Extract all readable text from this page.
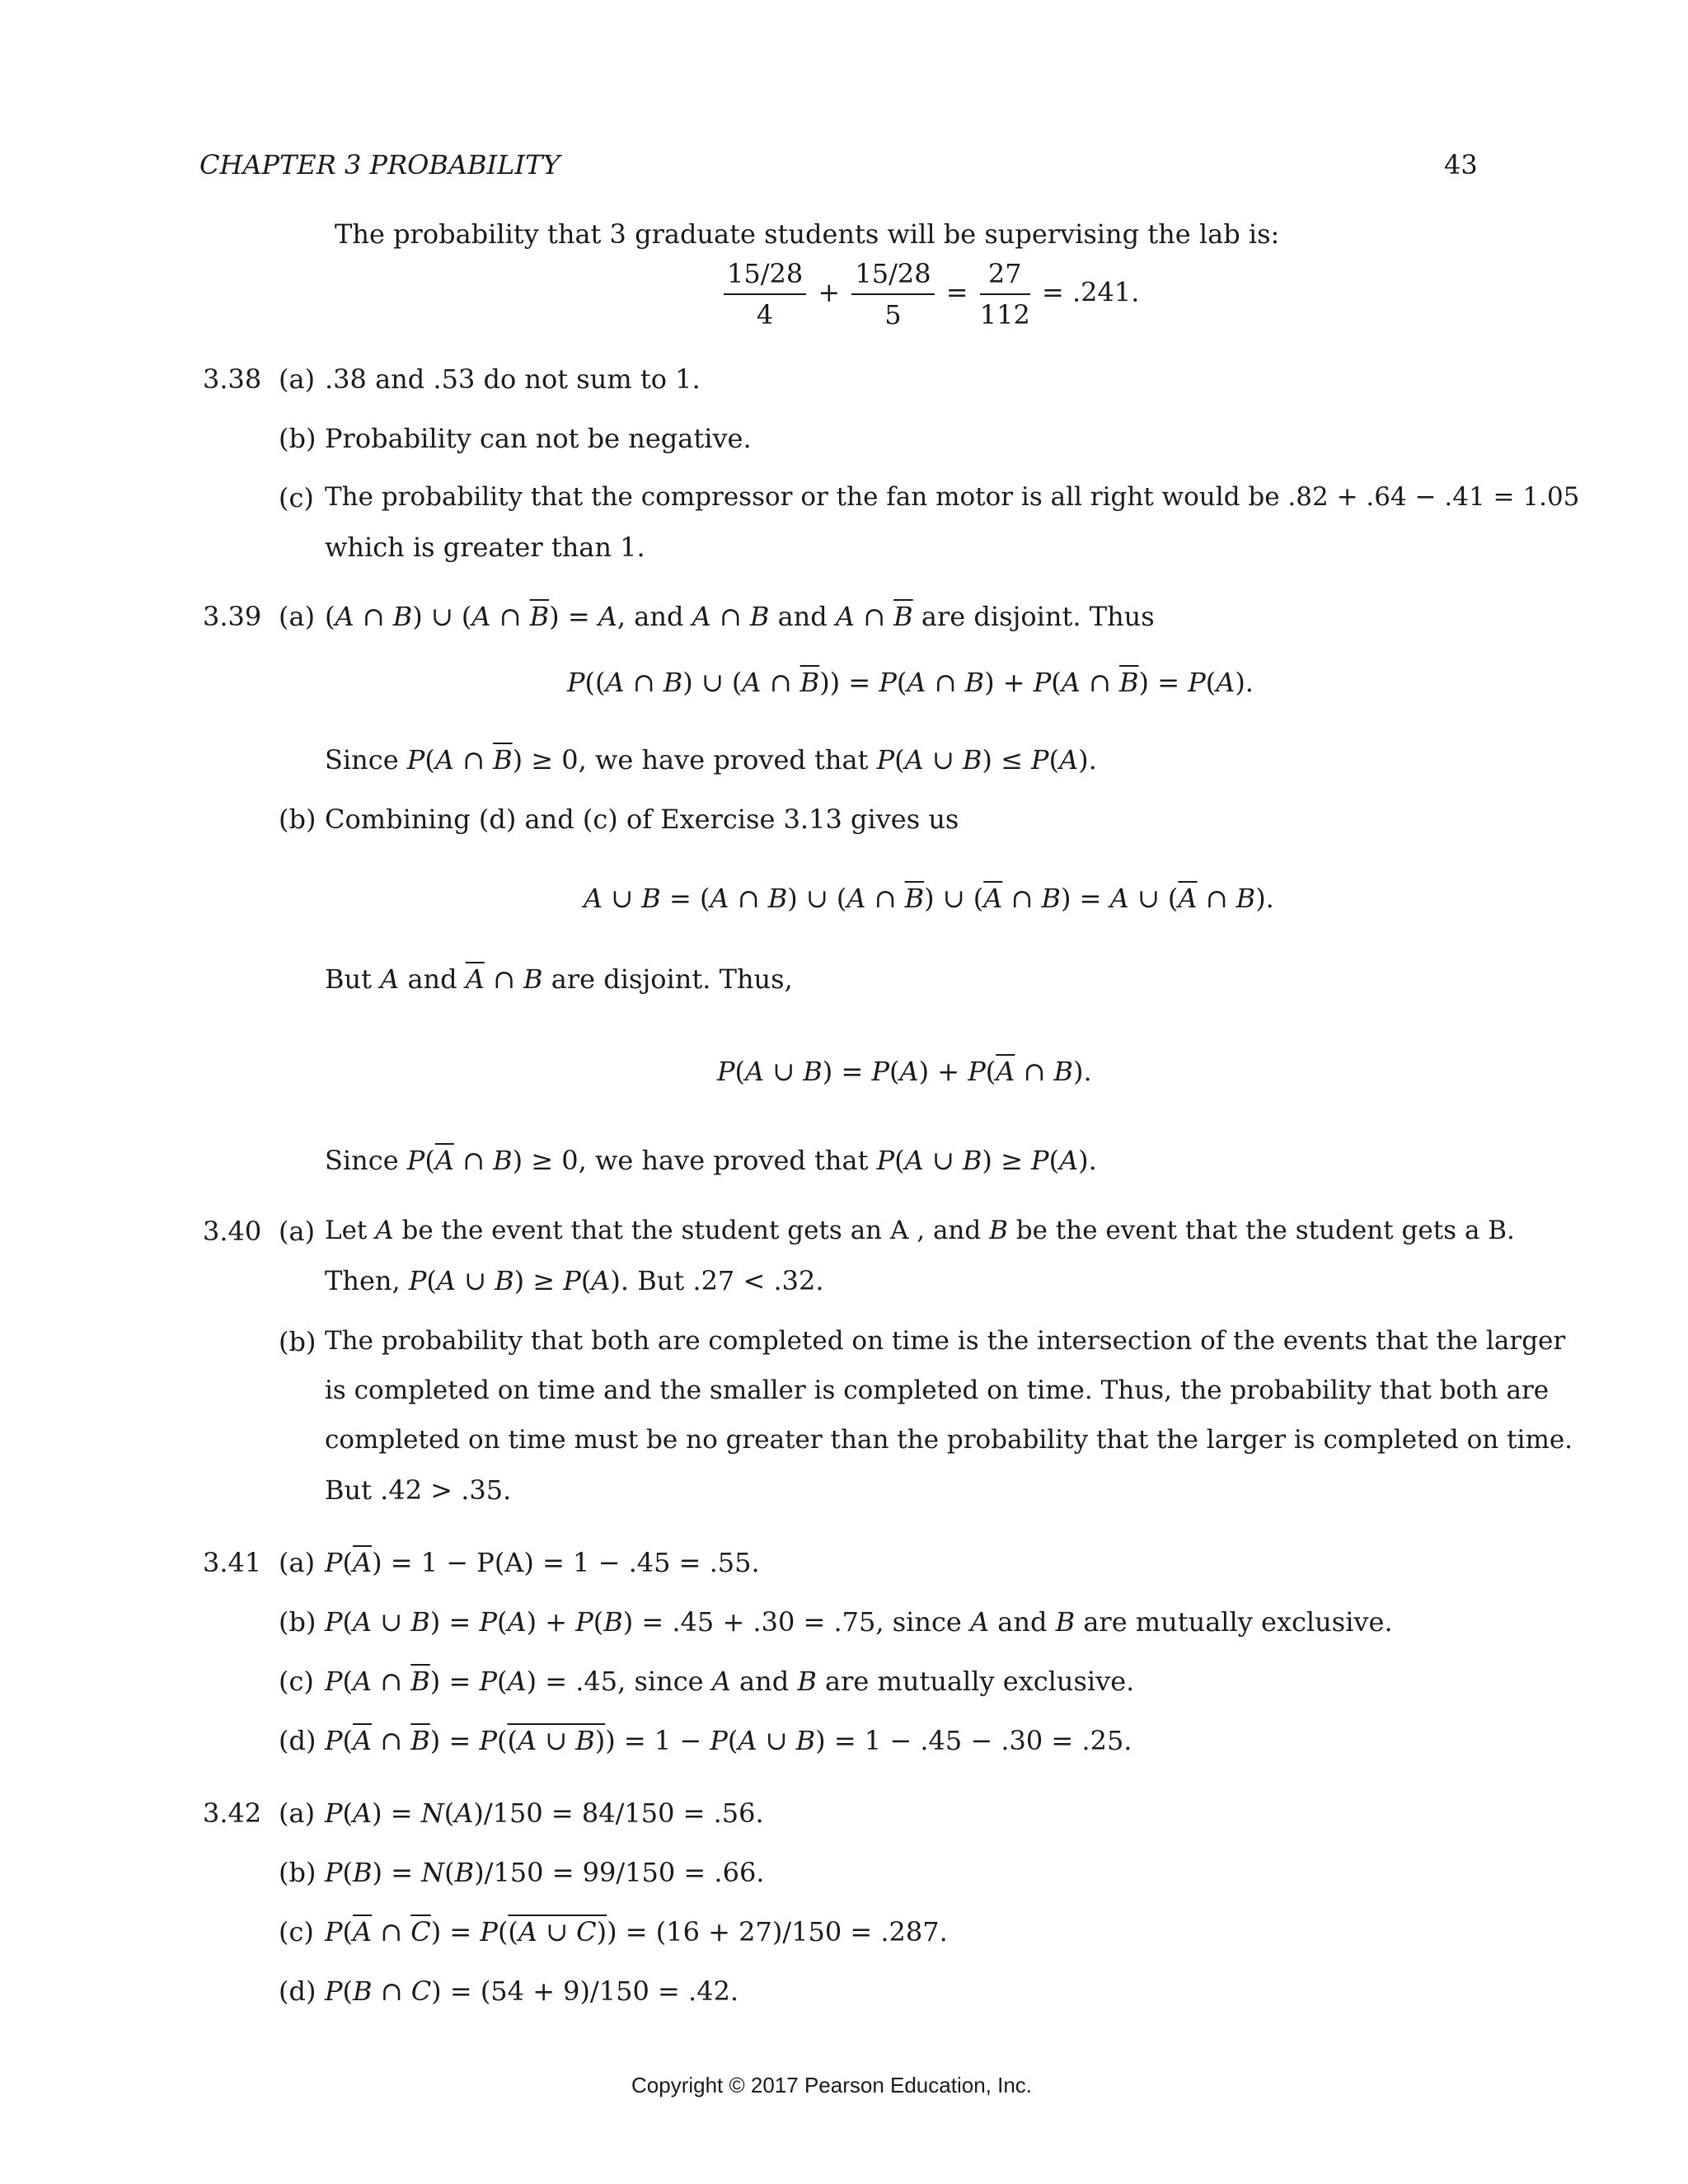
CHAPTER 3 PROBABILITY	43
The probability that 3 graduate students will be supervising the lab is:
$\frac{15/28}{4} + \frac{15/28}{5} = \frac{27}{112} = .241$.
3.38 (a) .38 and .53 do not sum to 1.
(b) Probability can not be negative.
(c) The probability that the compressor or the fan motor is all right would be .82 + .64 − .41 = 1.05
which is greater than 1.
3.39 (a) (A ∩ B) ∪ (A ∩ $\overline{B}) = A$, and A ∩ B and A ∩ $\overline{B}$ are disjoint. Thus
P((A ∩ B) ∪ (A ∩ $\overline{B})) = P(A$ ∩ B) + P(A ∩ $\overline{B}) = P(A)$.
Since P(A ∩ $\overline{B}) \ge 0$, we have proved that P(A ∪ B) ≤ P(A).
(b) Combining (d) and (c) of Exercise 3.13 gives us
A ∪ B = (A ∩ B) ∪ (A ∩ $\overline{B}$) ∪ ($\overline{A}$ ∩ B) = A ∪ ($\overline{A}$ ∩ B).
But A and $\overline{A}$ ∩ B are disjoint. Thus,
P(A ∪ $B) = P(A) + P(\overline{A}$ ∩ B).
Since $P(\overline{A}$ ∩ B) ≥ 0, we have proved that P(A ∪ B) ≥ P(A).
3.40 (a) Let A be the event that the student gets an A , and B be the event that the student gets a B.
Then, P(A ∪ B) ≥ P(A). But .27 < .32.
(b) The probability that both are completed on time is the intersection of the events that the larger
is completed on time and the smaller is completed on time. Thus, the probability that both are
completed on time must be no greater than the probability that the larger is completed on time.
But .42 > .35.
3.41 (a) $P(\overline{A}) = 1 - P(A) = 1 - .45 = .55$.
(b) P(A ∪ B) = P(A) + P(B) = .45 + .30 = .75, since A and B are mutually exclusive.
(c) P(A ∩ $\overline{B}) = P(A) = .45$, since A and B are mutually exclusive.
(d) $P(\overline{A}$ ∩ $\overline{B}) = P((A$ ∪ B)) = 1 − P(A ∪ B) = 1 − .45 − .30 = .25.
3.42 (a) P(A) = N(A)/150 = 84/150 = .56.
(b) P(B) = N(B)/150 = 99/150 = .66.
(c) $P(\overline{A}$ ∩ $\overline{C}) = P((A$ ∪ C)) = (16 + 27)/150 = .287.
(d) P(B ∩ C) = (54 + 9)/150 = .42.
Copyright © 2017 Pearson Education, Inc.
